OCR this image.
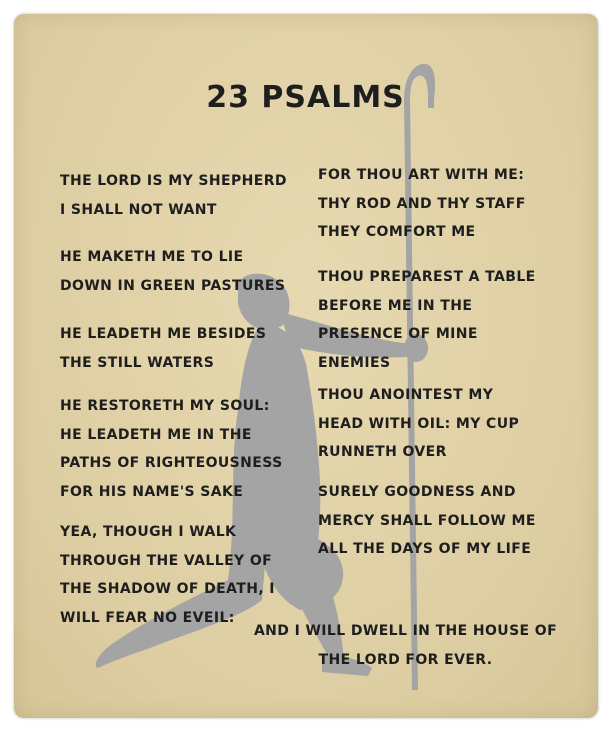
23 PSALMS
THE LORD IS MY SHEPHERD
I SHALL NOT WANT
HE MAKETH ME TO LIE
DOWN IN GREEN PASTURES
HE LEADETH ME BESIDES
THE STILL WATERS
HE RESTORETH MY SOUL:
HE LEADETH ME IN THE
PATHS OF RIGHTEOUSNESS
FOR HIS NAME'S SAKE
YEA, THOUGH I WALK
THROUGH THE VALLEY OF
THE SHADOW OF DEATH, I
WILL FEAR NO EVEIL:
FOR THOU ART WITH ME:
THY ROD AND THY STAFF
THEY COMFORT ME
THOU PREPAREST A TABLE
BEFORE ME IN THE
PRESENCE OF MINE
ENEMIES
THOU ANOINTEST MY
HEAD WITH OIL: MY CUP
RUNNETH OVER
SURELY GOODNESS AND
MERCY SHALL FOLLOW ME
ALL THE DAYS OF MY LIFE
AND I WILL DWELL IN THE HOUSE OF
THE LORD FOR EVER.
